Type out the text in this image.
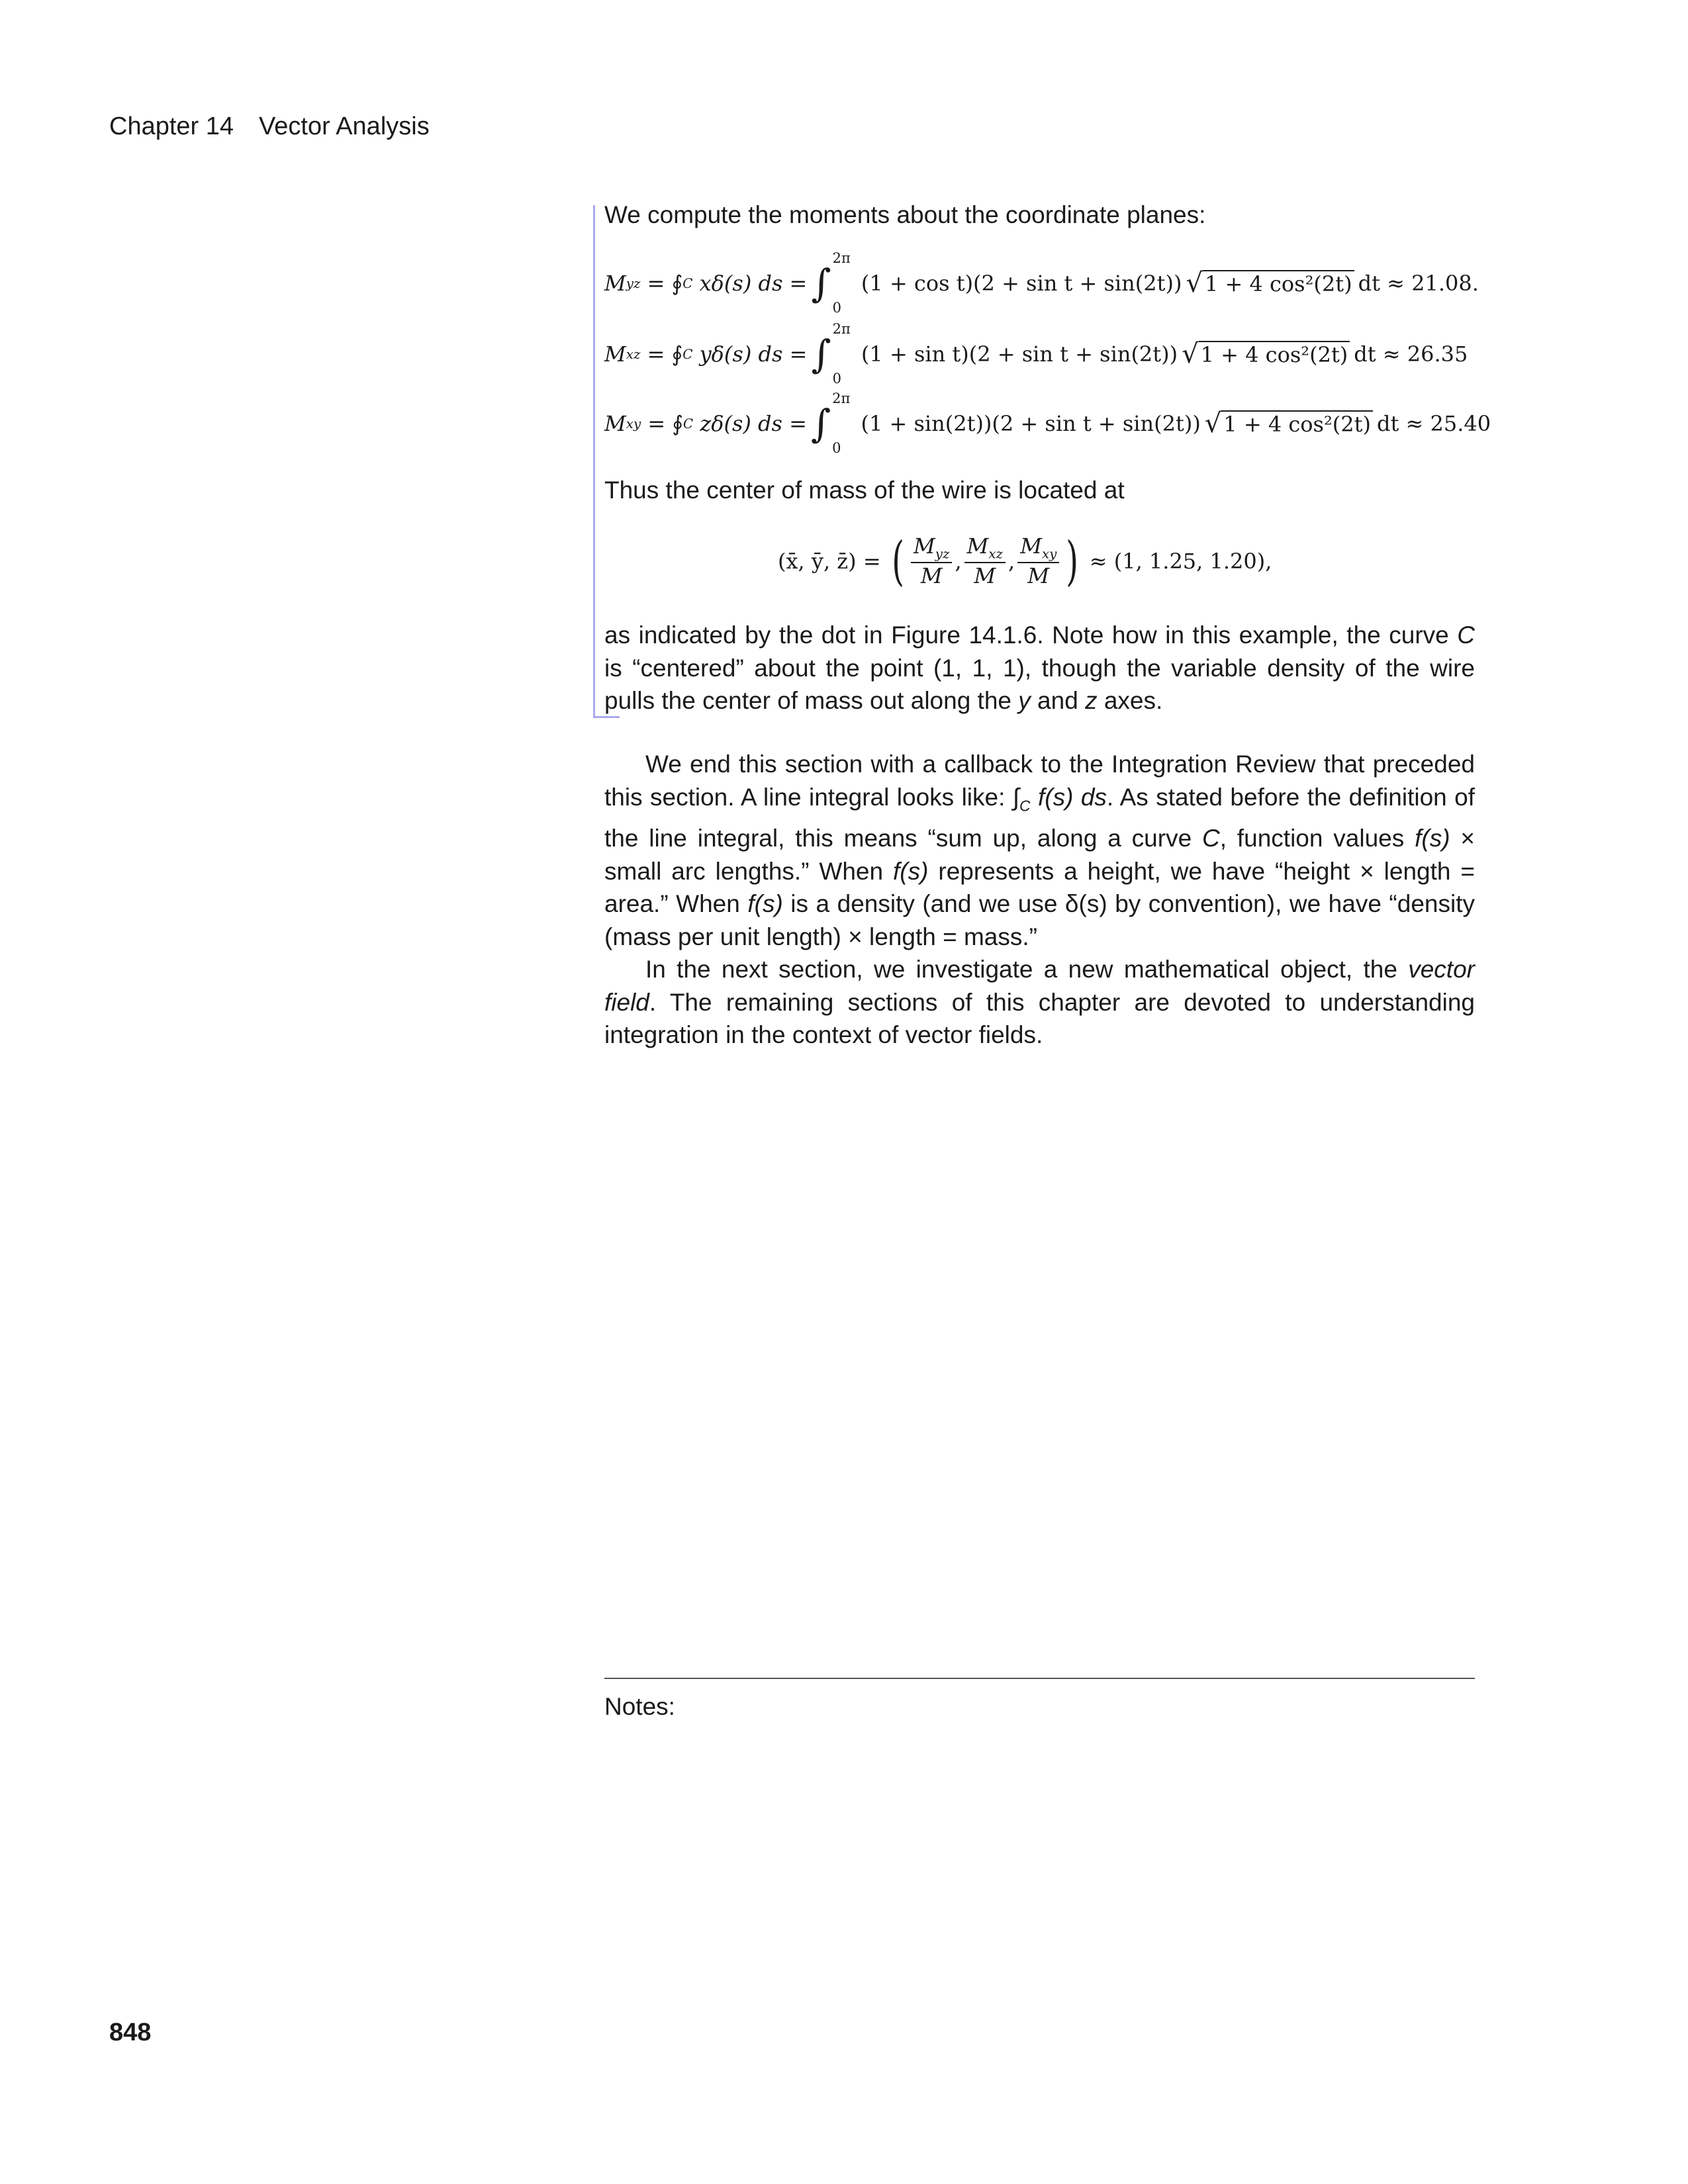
Chapter 14 Vector Analysis
We compute the moments about the coordinate planes:
M yz
= ∮ C
xδ(s) ds = ∫
2π
0

(1 + cos t)(2 + sin t + sin(2t)) √ 1 + 4 cos²(2t) dt ≈ 21.08.
M xz
= ∮ C
yδ(s) ds = ∫
2π
0

(1 + sin t)(2 + sin t + sin(2t)) √ 1 + 4 cos²(2t) dt ≈ 26.35
M xy
= ∮ C
zδ(s) ds = ∫
2π
0

(1 + sin(2t))(2 + sin t + sin(2t)) √ 1 + 4 cos²(2t) dt ≈ 25.40
Thus the center of mass of the wire is located at
(x̄, ȳ, z̄) =
( $\frac{M_{yz}}{M}$ , $\frac{M_{xz}}{M}$ , $\frac{M_{xy}}{M}$ )
≈ (1, 1.25, 1.20),

as indicated by the dot in Figure 14.1.6. Note how in this example, the curve C is “centered” about the point (1, 1, 1), though the variable density of the wire pulls the center of mass out along the y and z axes.

We end this section with a callback to the Integration Review that preceded this section. A line integral looks like: $\int_C$ f(s) ds. As stated before the definition of the line integral, this means “sum up, along a curve C, function values f(s) × small arc lengths.” When f(s) represents a height, we have “height × length = area.” When f(s) is a density (and we use δ(s) by convention), we have “density (mass per unit length) × length = mass.”

In the next section, we investigate a new mathematical object, the vector field. The remaining sections of this chapter are devoted to understanding integration in the context of vector fields.

Notes:
848
